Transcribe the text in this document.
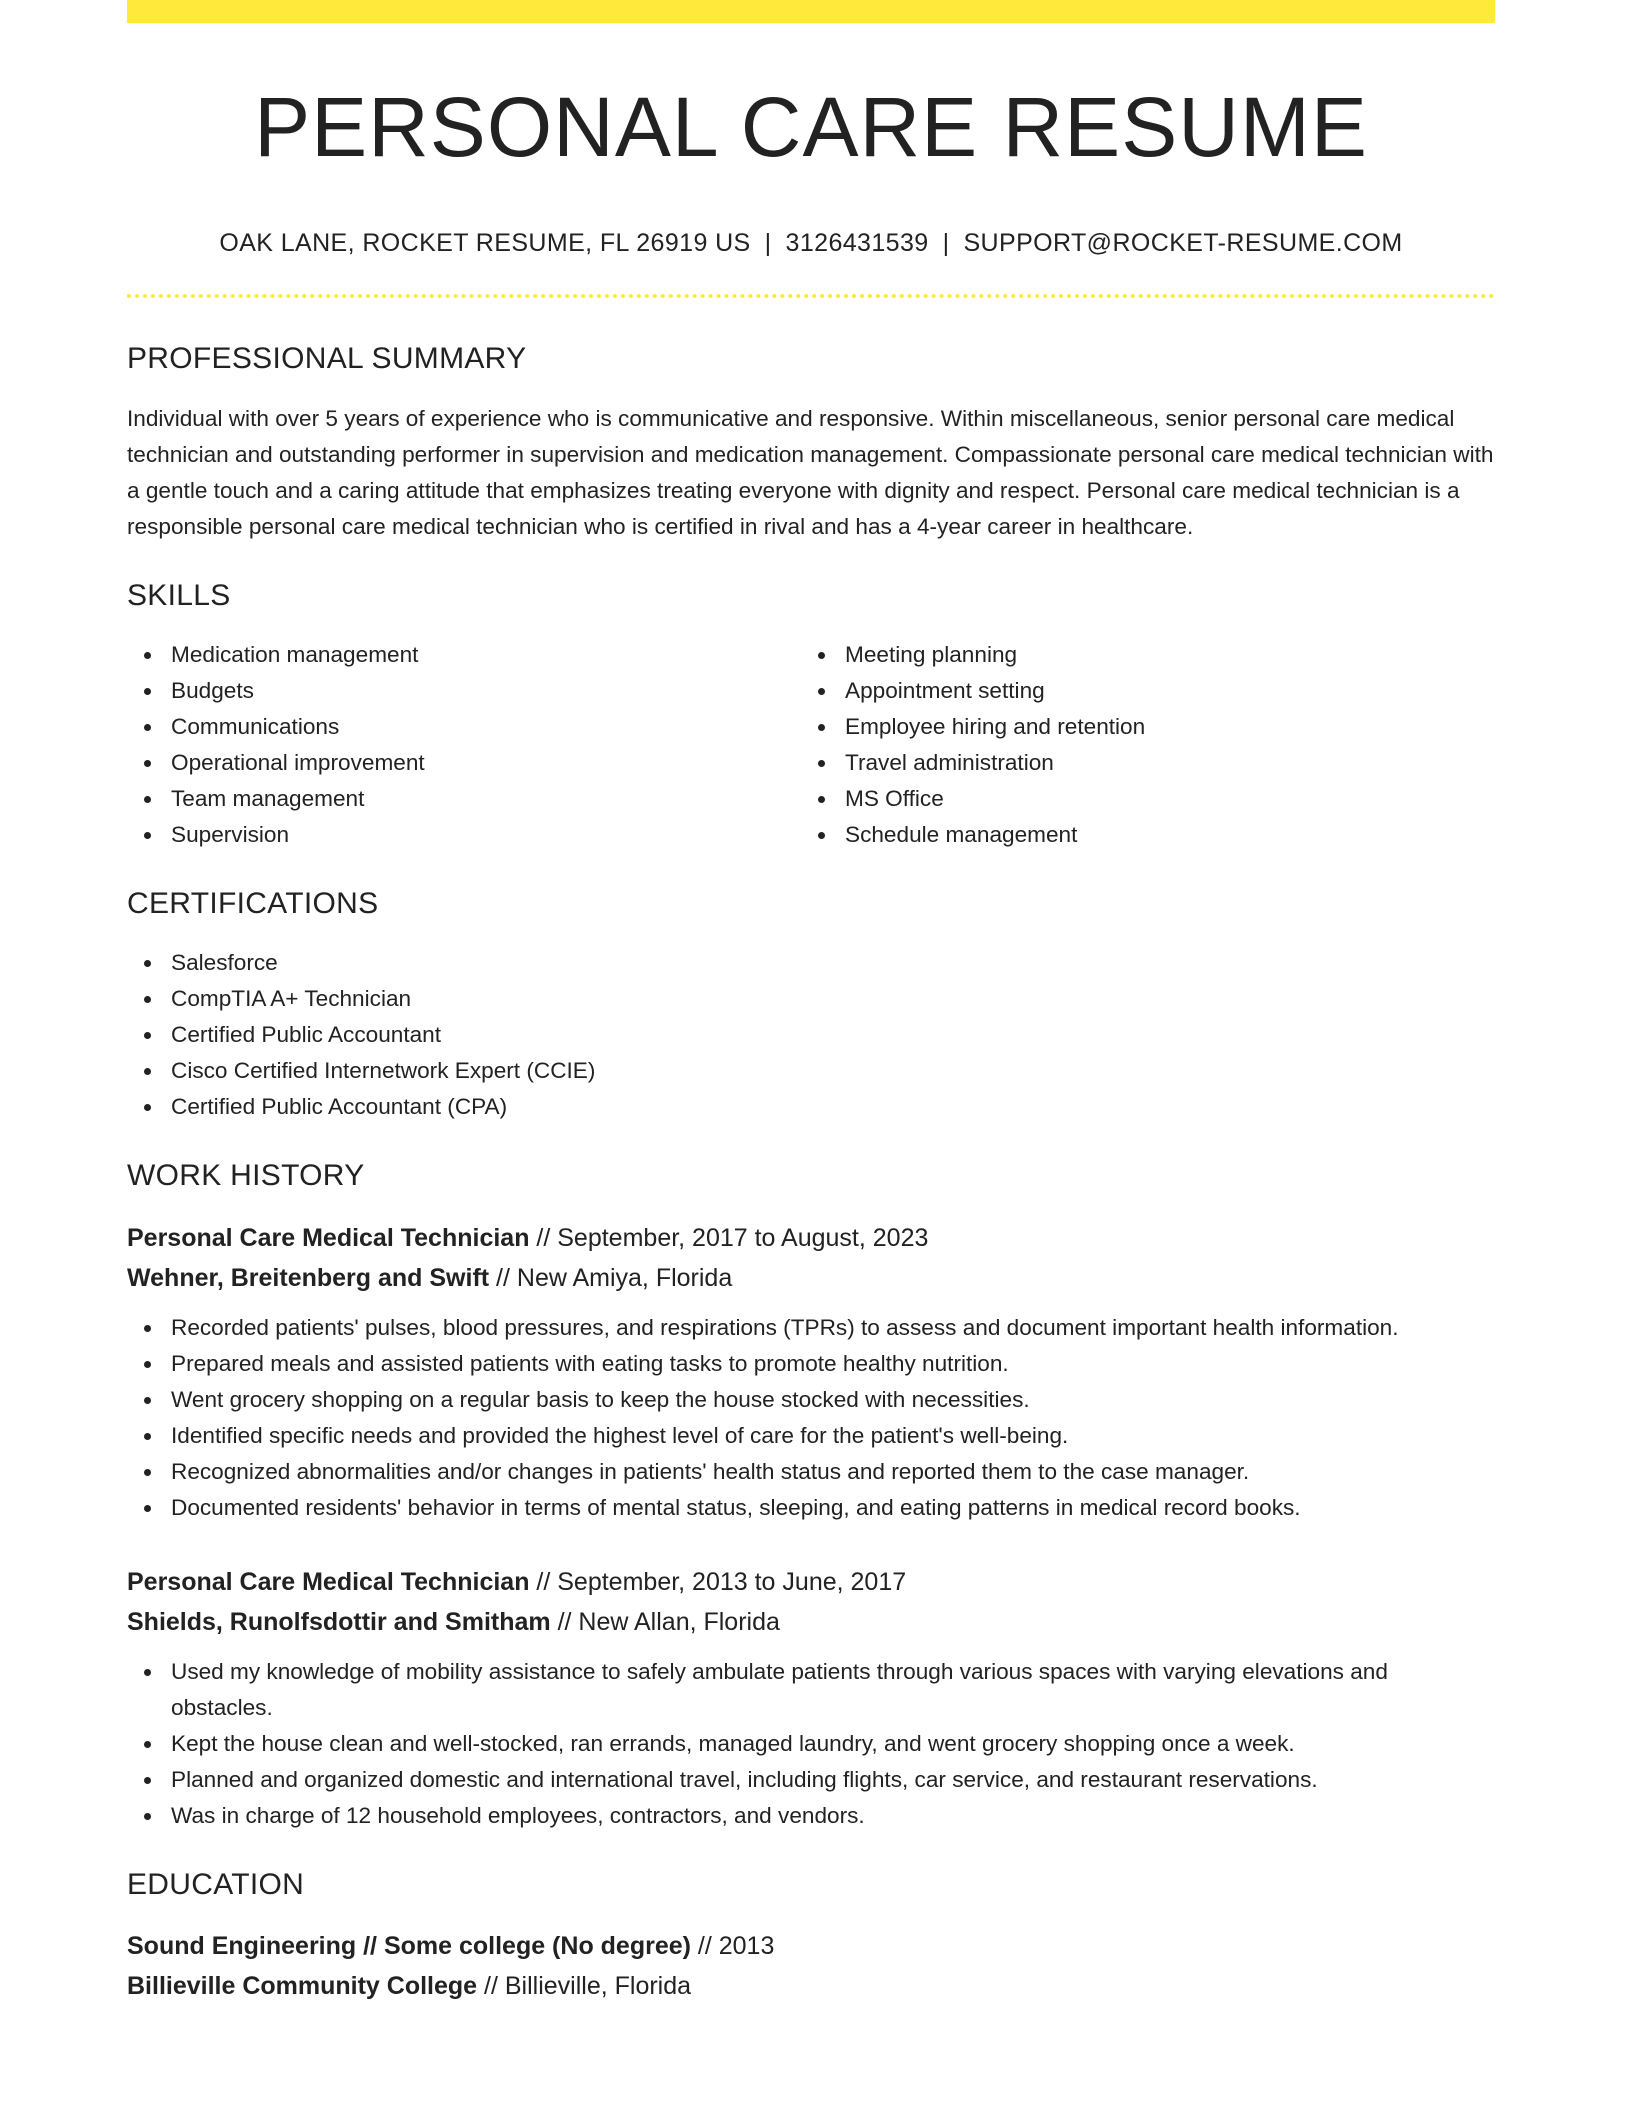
PERSONAL CARE RESUME
OAK LANE, ROCKET RESUME, FL 26919 US | 3126431539 | SUPPORT@ROCKET-RESUME.COM
PROFESSIONAL SUMMARY

Individual with over 5 years of experience who is communicative and responsive. Within miscellaneous, senior personal care medical technician and outstanding performer in supervision and medication management. Compassionate personal care medical technician with a gentle touch and a caring attitude that emphasizes treating everyone with dignity and respect. Personal care medical technician is a responsible personal care medical technician who is certified in rival and has a 4-year career in healthcare.

SKILLS
Medication management
Budgets
Communications
Operational improvement
Team management
Supervision
Meeting planning
Appointment setting
Employee hiring and retention
Travel administration
MS Office
Schedule management
CERTIFICATIONS
Salesforce
CompTIA A+ Technician
Certified Public Accountant
Cisco Certified Internetwork Expert (CCIE)
Certified Public Accountant (CPA)
WORK HISTORY
Personal Care Medical Technician // September, 2017 to August, 2023
Wehner, Breitenberg and Swift // New Amiya, Florida
Recorded patients' pulses, blood pressures, and respirations (TPRs) to assess and document important health information.
Prepared meals and assisted patients with eating tasks to promote healthy nutrition.
Went grocery shopping on a regular basis to keep the house stocked with necessities.
Identified specific needs and provided the highest level of care for the patient's well-being.
Recognized abnormalities and/or changes in patients' health status and reported them to the case manager.
Documented residents' behavior in terms of mental status, sleeping, and eating patterns in medical record books.
Personal Care Medical Technician // September, 2013 to June, 2017
Shields, Runolfsdottir and Smitham // New Allan, Florida
Used my knowledge of mobility assistance to safely ambulate patients through various spaces with varying elevations and obstacles.
Kept the house clean and well-stocked, ran errands, managed laundry, and went grocery shopping once a week.
Planned and organized domestic and international travel, including flights, car service, and restaurant reservations.
Was in charge of 12 household employees, contractors, and vendors.
EDUCATION
Sound Engineering // Some college (No degree) // 2013
Billieville Community College // Billieville, Florida
